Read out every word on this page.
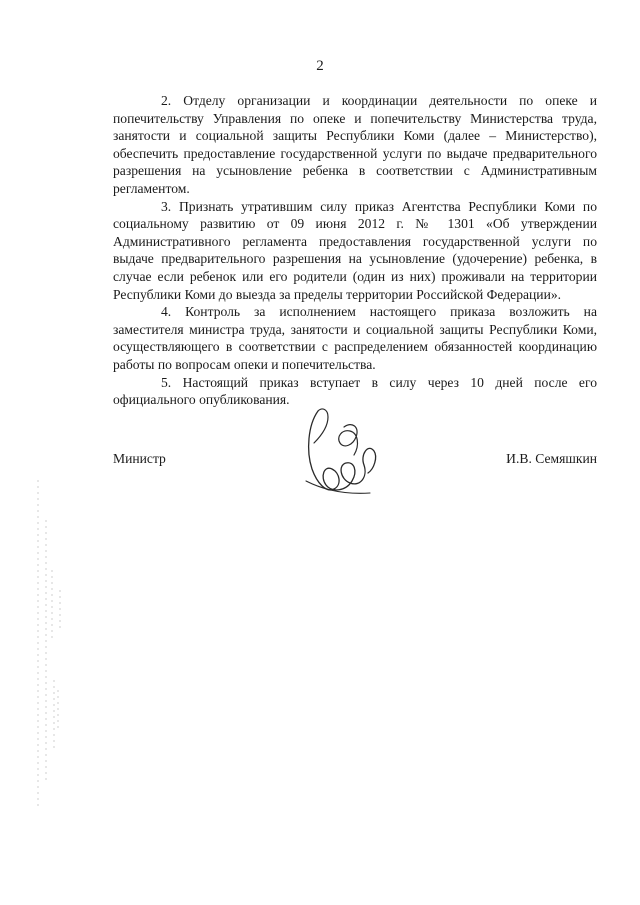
2

2. Отделу организации и координации деятельности по опеке и попечительству Управления по опеке и попечительству Министерства труда, занятости и социальной защиты Республики Коми (далее – Министерство), обеспечить предоставление государственной услуги по выдаче предварительного разрешения на усыновление ребенка в соответствии с Административным регламентом.

3. Признать утратившим силу приказ Агентства Республики Коми по социальному развитию от 09 июня 2012 г. № 1301 «Об утверждении Административного регламента предоставления государственной услуги по выдаче предварительного разрешения на усыновление (удочерение) ребенка, в случае если ребенок или его родители (один из них) проживали на территории Республики Коми до выезда за пределы территории Российской Федерации».

4. Контроль за исполнением настоящего приказа возложить на заместителя министра труда, занятости и социальной защиты Республики Коми, осуществляющего в соответствии с распределением обязанностей координацию работы по вопросам опеки и попечительства.

5. Настоящий приказ вступает в силу через 10 дней после его официального опубликования.

Министр	И.В. Семяшкин
